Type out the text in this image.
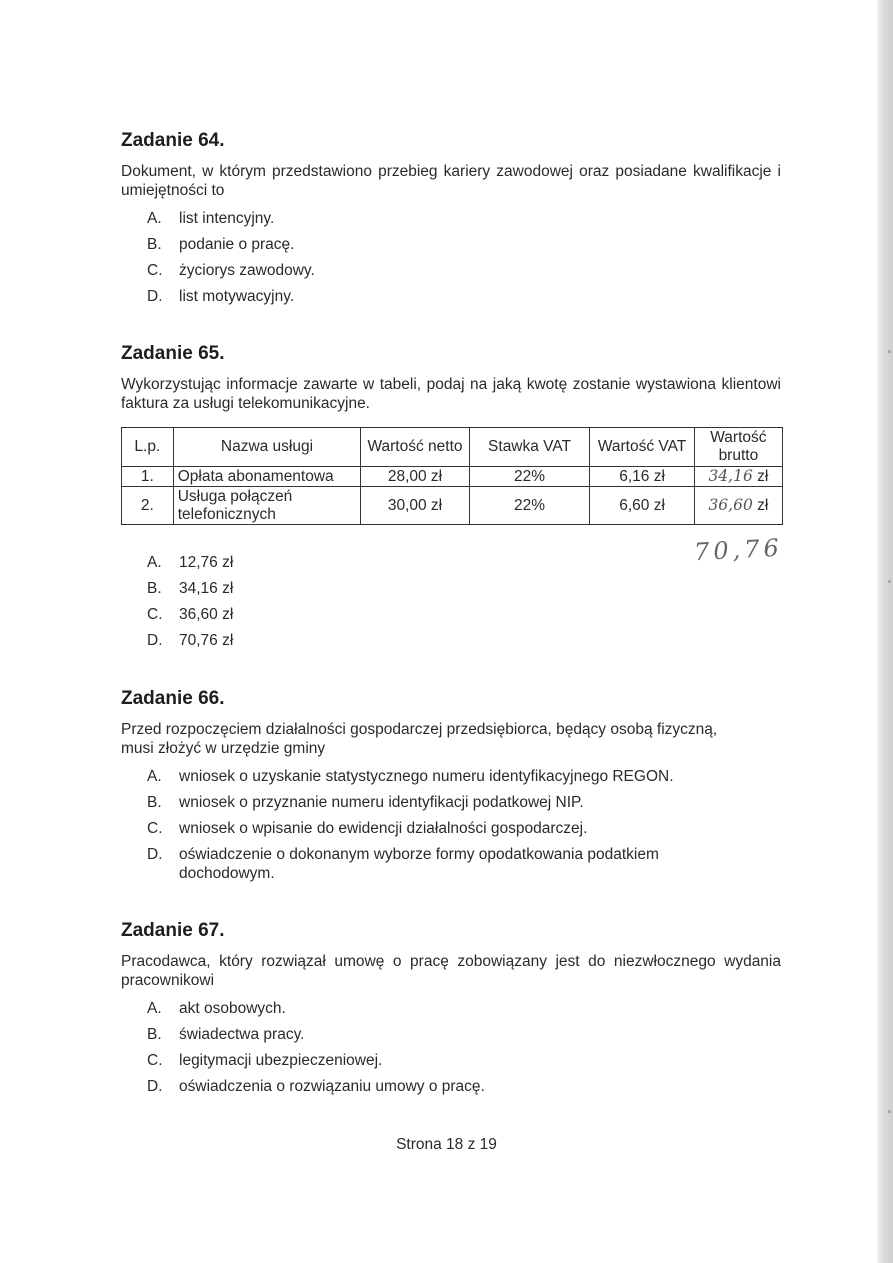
Zadanie 64.

Dokument, w którym przedstawiono przebieg kariery zawodowej oraz posiadane kwalifikacje i umiejętności to

A. list intencyjny.
B. podanie o pracę.
C. życiorys zawodowy.
D. list motywacyjny.
Zadanie 65.

Wykorzystując informacje zawarte w tabeli, podaj na jaką kwotę zostanie wystawiona klientowi faktura za usługi telekomunikacyjne.

L.p.	Nazwa usługi	Wartość netto	Stawka VAT	Wartość VAT	Wartość brutto
1.	Opłata abonamentowa	28,00 zł	22%	6,16 zł	34,16 zł
2.	Usługa połączeń telefonicznych	30,00 zł	22%	6,60 zł	36,60 zł
A. 12,76 zł
B. 34,16 zł
C. 36,60 zł
D. 70,76 zł
70,76
Zadanie 66.

Przed rozpoczęciem działalności gospodarczej przedsiębiorca, będący osobą fizyczną, musi złożyć w urzędzie gminy

A. wniosek o uzyskanie statystycznego numeru identyfikacyjnego REGON.
B. wniosek o przyznanie numeru identyfikacji podatkowej NIP.
C. wniosek o wpisanie do ewidencji działalności gospodarczej.
D. oświadczenie o dokonanym wyborze formy opodatkowania podatkiem dochodowym.
Zadanie 67.

Pracodawca, który rozwiązał umowę o pracę zobowiązany jest do niezwłocznego wydania pracownikowi

A. akt osobowych.
B. świadectwa pracy.
C. legitymacji ubezpieczeniowej.
D. oświadczenia o rozwiązaniu umowy o pracę.
Strona 18 z 19
